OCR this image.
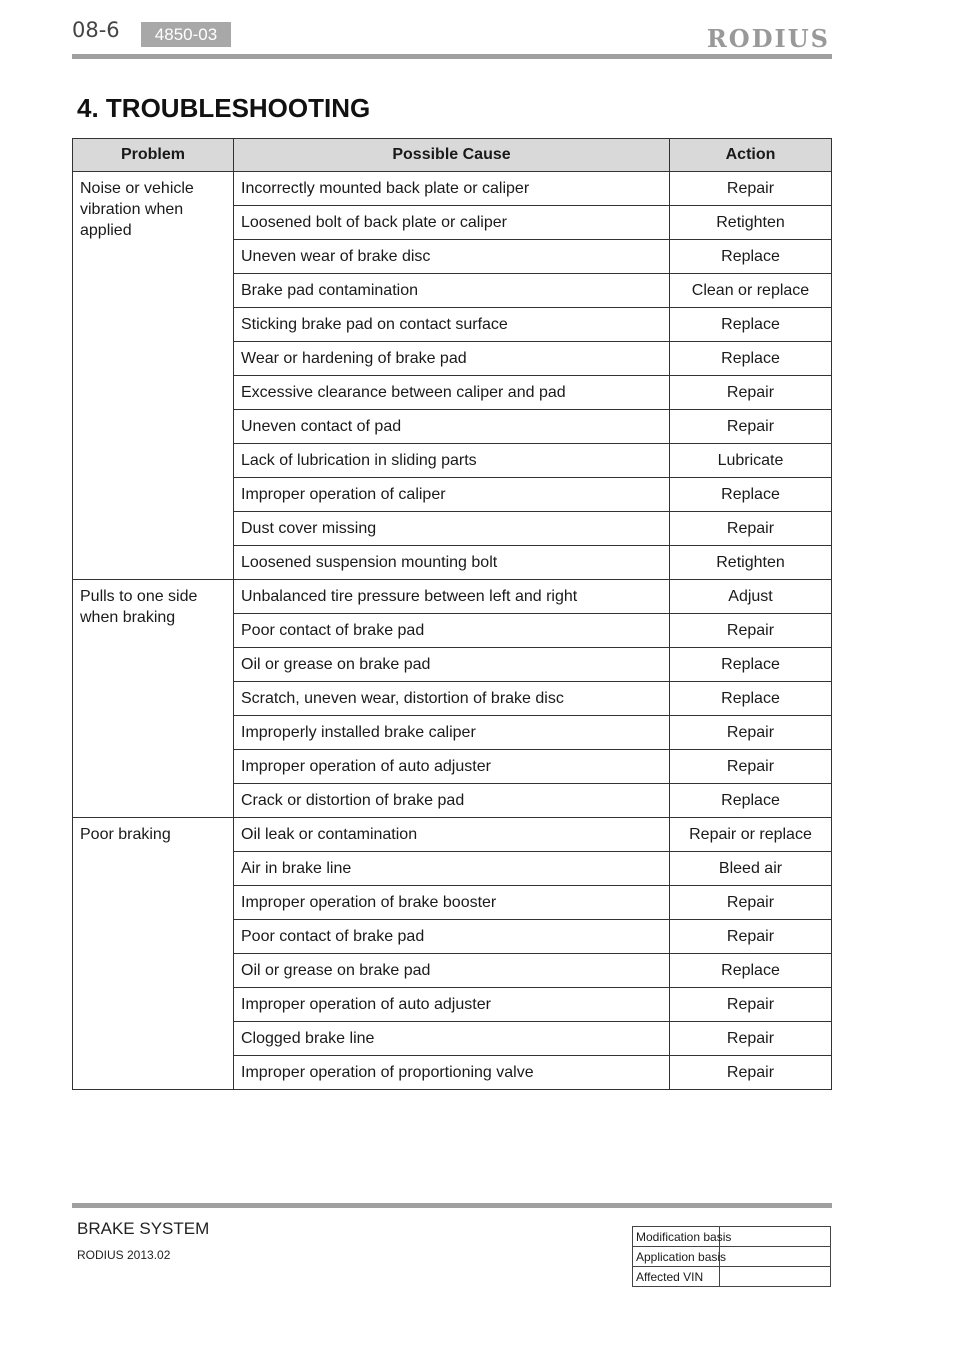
08-6	4850-03	RODIUS
4. TROUBLESHOOTING
Problem	Possible Cause	Action
Noise or vehicle vibration when applied	Incorrectly mounted back plate or caliper	Repair
	Loosened bolt of back plate or caliper	Retighten
	Uneven wear of brake disc	Replace
	Brake pad contamination	Clean or replace
	Sticking brake pad on contact surface	Replace
	Wear or hardening of brake pad	Replace
	Excessive clearance between caliper and pad	Repair
	Uneven contact of pad	Repair
	Lack of lubrication in sliding parts	Lubricate
	Improper operation of caliper	Replace
	Dust cover missing	Repair
	Loosened suspension mounting bolt	Retighten
Pulls to one side when braking	Unbalanced tire pressure between left and right	Adjust
	Poor contact of brake pad	Repair
	Oil or grease on brake pad	Replace
	Scratch, uneven wear, distortion of brake disc	Replace
	Improperly installed brake caliper	Repair
	Improper operation of auto adjuster	Repair
	Crack or distortion of brake pad	Replace
Poor braking	Oil leak or contamination	Repair or replace
	Air in brake line	Bleed air
	Improper operation of brake booster	Repair
	Poor contact of brake pad	Repair
	Oil or grease on brake pad	Replace
	Improper operation of auto adjuster	Repair
	Clogged brake line	Repair
	Improper operation of proportioning valve	Repair
BRAKE SYSTEM
RODIUS 2013.02
Modification basis	
Application basis	
Affected VIN	
